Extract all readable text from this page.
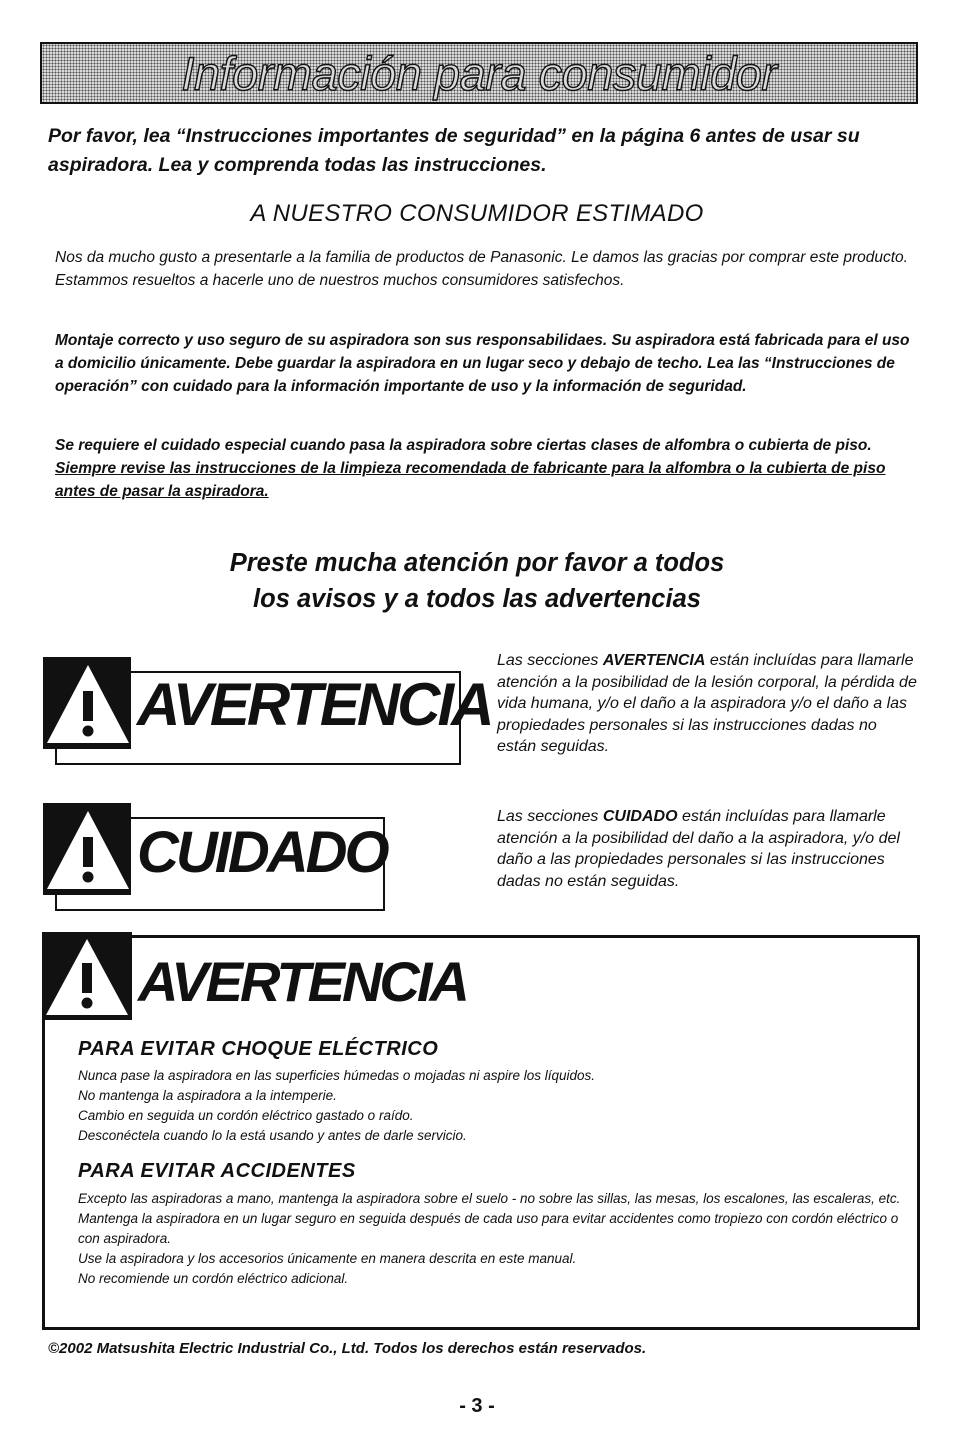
Información para consumidor
Por favor, lea “Instrucciones importantes de seguridad” en la página 6 antes de usar su aspiradora. Lea y comprenda todas las instrucciones.
A NUESTRO CONSUMIDOR ESTIMADO
Nos da mucho gusto a presentarle a la familia de productos de Panasonic. Le damos las gracias por comprar este producto. Estammos resueltos a hacerle uno de nuestros muchos consumidores satisfechos.
Montaje correcto y uso seguro de su aspiradora son sus responsabilidaes. Su aspiradora está fabricada para el uso a domicilio únicamente. Debe guardar la aspiradora en un lugar seco y debajo de techo. Lea las “Instrucciones de operación” con cuidado para la información importante de uso y la información de seguridad.
Se requiere el cuidado especial cuando pasa la aspiradora sobre ciertas clases de alfombra o cubierta de piso. Siempre revise las instrucciones de la limpieza recomendada de fabricante para la alfombra o la cubierta de piso antes de pasar la aspiradora.
Preste mucha atención por favor a todos
los avisos y a todos las advertencias
AVERTENCIA
Las secciones AVERTENCIA están incluídas para llamarle atención a la posibilidad de la lesión corporal, la pérdida de vida humana, y/o el daño a la aspiradora y/o el daño a las propiedades personales si las instrucciones dadas no están seguidas.
CUIDADO
Las secciones CUIDADO están incluídas para llamarle atención a la posibilidad del daño a la aspiradora, y/o del daño a las propiedades personales si las instrucciones dadas no están seguidas.
AVERTENCIA
PARA EVITAR CHOQUE ELÉCTRICO
Nunca pase la aspiradora en las superficies húmedas o mojadas ni aspire los líquidos.
No mantenga la aspiradora a la intemperie.
Cambio en seguida un cordón eléctrico gastado o raído.
Desconéctela cuando lo la está usando y antes de darle servicio.
PARA EVITAR ACCIDENTES
Excepto las aspiradoras a mano, mantenga la aspiradora sobre el suelo - no sobre las sillas, las mesas, los escalones, las escaleras, etc.
Mantenga la aspiradora en un lugar seguro en seguida después de cada uso para evitar accidentes como tropiezo con cordón eléctrico o con aspiradora.
Use la aspiradora y los accesorios únicamente en manera descrita en este manual.
No recomiende un cordón eléctrico adicional.
©2002 Matsushita Electric Industrial Co., Ltd. Todos los derechos están reservados.
- 3 -
